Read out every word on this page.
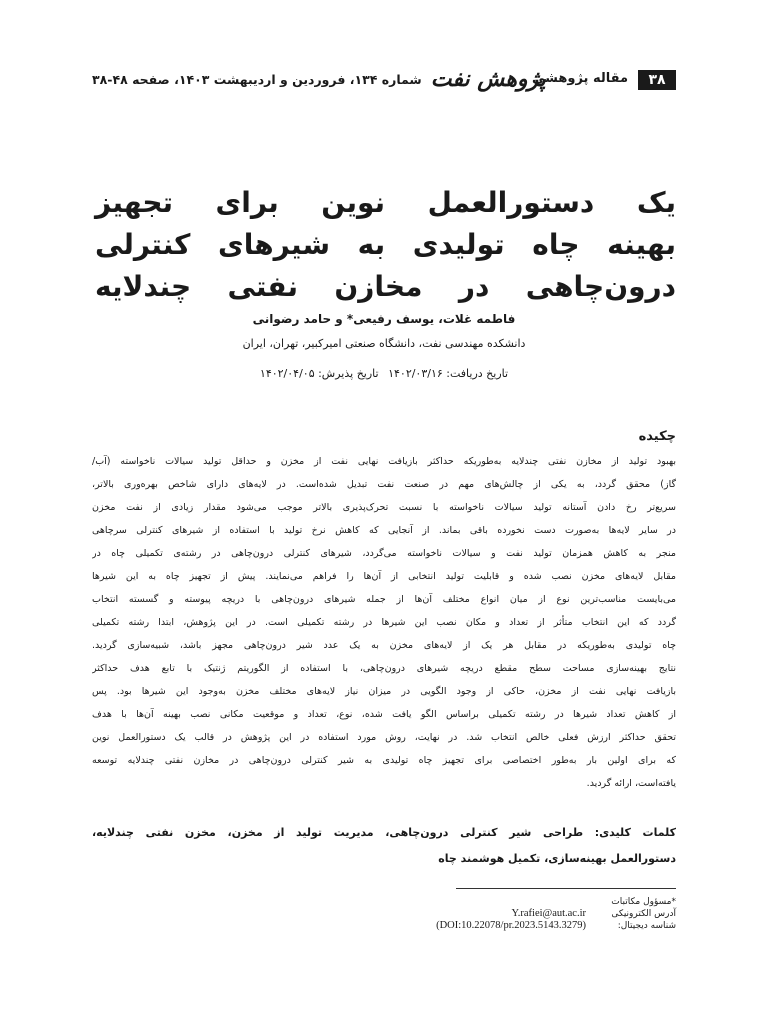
۳۸
مقاله پژوهشی
پژوهش نفت شماره ۱۳۴، فروردین و اردیبهشت ۱۴۰۳، صفحه ۴۸-۳۸
یک دستورالعمل نوین برای تجهیز
بهینه چاه تولیدی به شیرهای کنترلی
درون‌چاهی در مخازن نفتی چندلایه
فاطمه غلات، یوسف رفیعی* و حامد رضوانی
دانشکده مهندسی نفت، دانشگاه صنعتی امیرکبیر، تهران، ایران
تاریخ دریافت: ۱۴۰۲/۰۳/۱۶ تاریخ پذیرش: ۱۴۰۲/۰۴/۰۵
چکیده
بهبود تولید از مخازن نفتی چندلایه به‌طوریکه حداکثر بازیافت نهایی نفت از مخزن و حداقل تولید سیالات ناخواسته (آب/
گاز) محقق گردد، به یکی از چالش‌های مهم در صنعت نفت تبدیل شده‌است. در لایه‌های دارای شاخص بهره‌وری بالاتر،
سریع‌تر رخ دادن آستانه تولید سیالات ناخواسته با نسبت تحرک‌پذیری بالاتر موجب می‌شود مقدار زیادی از نفت مخزن
در سایر لایه‌ها به‌صورت دست نخورده باقی بماند. از آنجایی که کاهش نرخ تولید با استفاده از شیرهای کنترلی سرچاهی
منجر به کاهش همزمان تولید نفت و سیالات ناخواسته می‌گردد، شیرهای کنترلی درون‌چاهی در رشته‌ی تکمیلی چاه در
مقابل لایه‌های مخزن نصب شده و قابلیت تولید انتخابی از آن‌ها را فراهم می‌نمایند. پیش از تجهیز چاه به این شیرها
می‌بایست مناسب‌ترین نوع از میان انواع مختلف آن‌ها از جمله شیرهای درون‌چاهی با دریچه پیوسته و گسسته انتخاب
گردد که این انتخاب متأثر از تعداد و مکان نصب این شیرها در رشته تکمیلی است. در این پژوهش، ابتدا رشته تکمیلی
چاه تولیدی به‌طوریکه در مقابل هر یک از لایه‌های مخزن به یک عدد شیر درون‌چاهی مجهز باشد، شبیه‌سازی گردید.
نتایج بهینه‌سازی مساحت سطح مقطع دریچه شیرهای درون‌چاهی، با استفاده از الگوریتم ژنتیک با تابع هدف حداکثر
بازیافت نهایی نفت از مخزن، حاکی از وجود الگویی در میزان نیاز لایه‌های مختلف مخزن به‌وجود این شیرها بود. پس
از کاهش تعداد شیرها در رشته تکمیلی براساس الگو یافت شده، نوع، تعداد و موقعیت مکانی نصب بهینه آن‌ها با هدف
تحقق حداکثر ارزش فعلی خالص انتخاب شد. در نهایت، روش مورد استفاده در این پژوهش در قالب یک دستورالعمل نوین
که برای اولین بار به‌طور اختصاصی برای تجهیز چاه تولیدی به شیر کنترلی درون‌چاهی در مخازن نفتی چندلایه توسعه
یافته‌است، ارائه گردید.
کلمات کلیدی: طراحی شیر کنترلی درون‌چاهی، مدیریت تولید از مخزن، مخزن نفتی چندلایه،
دستورالعمل بهینه‌سازی، تکمیل هوشمند چاه
*مسؤول مکاتبات
آدرس الکترونیکی
Y.rafiei@aut.ac.ir
شناسه دیجیتال:
(DOI:10.22078/pr.2023.5143.3279)
